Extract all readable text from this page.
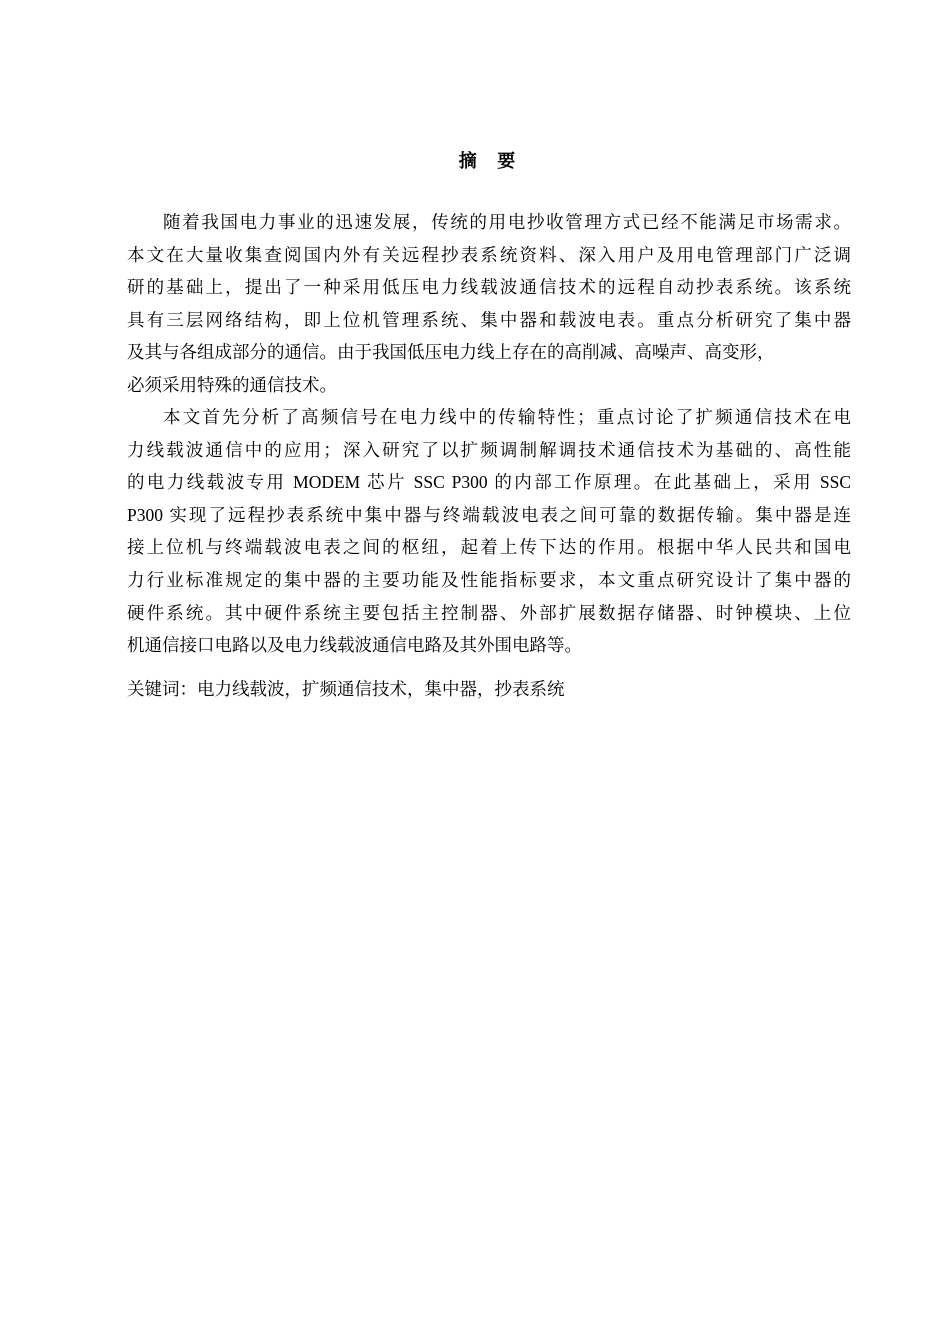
摘 要
随着我国电力事业的迅速发展，传统的用电抄收管理方式已经不能满足市场需求。
本文在大量收集查阅国内外有关远程抄表系统资料、深入用户及用电管理部门广泛调
研的基础上，提出了一种采用低压电力线载波通信技术的远程自动抄表系统。该系统
具有三层网络结构，即上位机管理系统、集中器和载波电表。重点分析研究了集中器
及其与各组成部分的通信。由于我国低压电力线上存在的高削减、高噪声、高变形，
必须采用特殊的通信技术。
本文首先分析了高频信号在电力线中的传输特性；重点讨论了扩频通信技术在电
力线载波通信中的应用；深入研究了以扩频调制解调技术通信技术为基础的、高性能
的电力线载波专用 MODEM 芯片 SSC P300 的内部工作原理。在此基础上，采用 SSC
P300 实现了远程抄表系统中集中器与终端载波电表之间可靠的数据传输。集中器是连
接上位机与终端载波电表之间的枢纽，起着上传下达的作用。根据中华人民共和国电
力行业标准规定的集中器的主要功能及性能指标要求，本文重点研究设计了集中器的
硬件系统。其中硬件系统主要包括主控制器、外部扩展数据存储器、时钟模块、上位
机通信接口电路以及电力线载波通信电路及其外围电路等。

关键词：电力线载波，扩频通信技术，集中器，抄表系统
